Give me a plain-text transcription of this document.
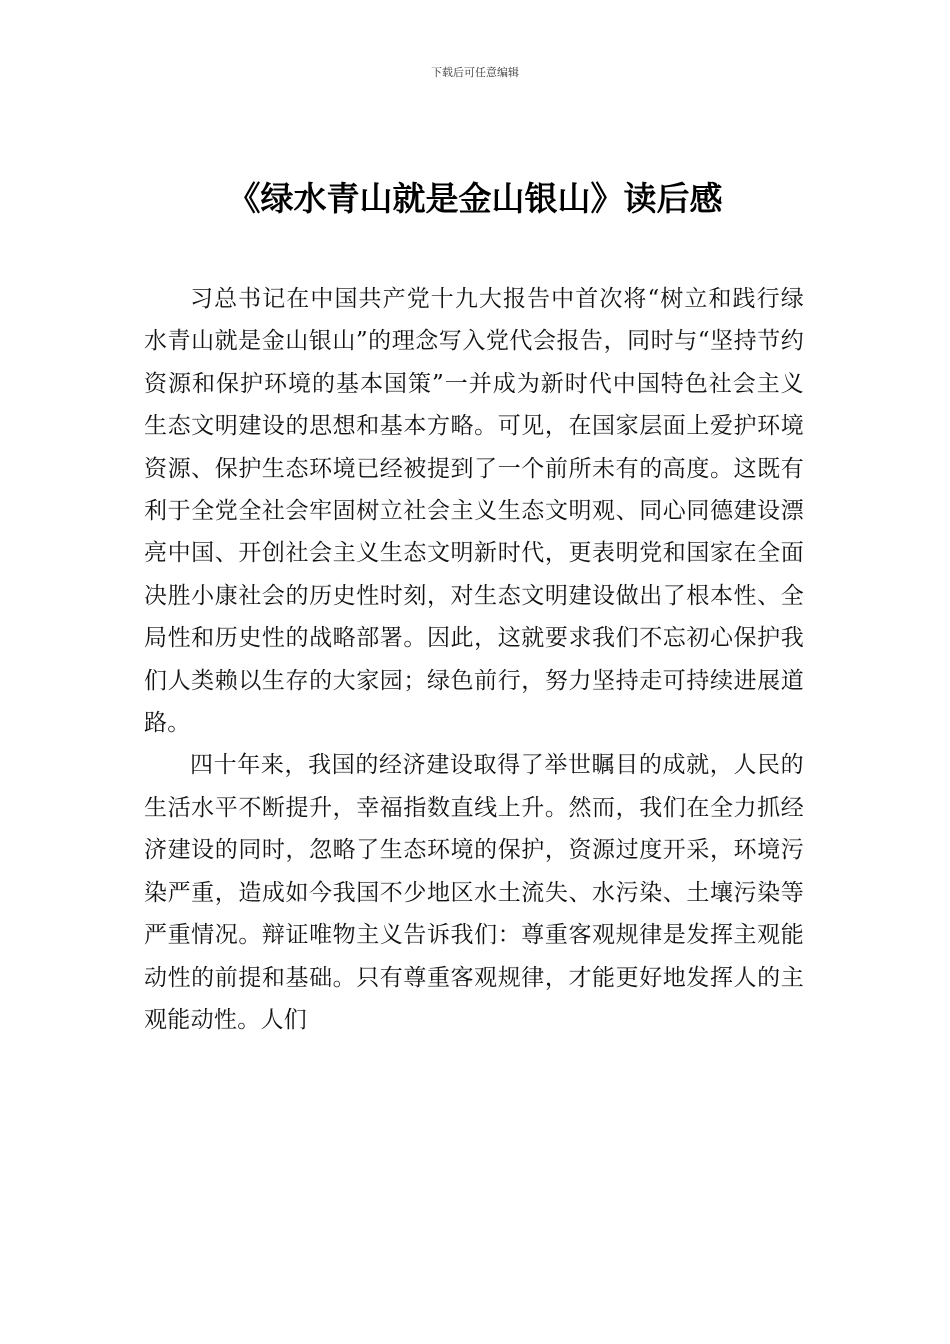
下载后可任意编辑
《绿水青山就是金山银山》读后感

习总书记在中国共产党十九大报告中首次将“树立和践行绿水青山就是金山银山”的理念写入党代会报告，同时与“坚持节约资源和保护环境的基本国策”一并成为新时代中国特色社会主义生态文明建设的思想和基本方略。可见，在国家层面上爱护环境资源、保护生态环境已经被提到了一个前所未有的高度。这既有利于全党全社会牢固树立社会主义生态文明观、同心同德建设漂亮中国、开创社会主义生态文明新时代，更表明党和国家在全面决胜小康社会的历史性时刻，对生态文明建设做出了根本性、全局性和历史性的战略部署。因此，这就要求我们不忘初心保护我们人类赖以生存的大家园；绿色前行，努力坚持走可持续进展道路。

四十年来，我国的经济建设取得了举世瞩目的成就，人民的生活水平不断提升，幸福指数直线上升。然而，我们在全力抓经济建设的同时，忽略了生态环境的保护，资源过度开采，环境污染严重，造成如今我国不少地区水土流失、水污染、土壤污染等严重情况。辩证唯物主义告诉我们：尊重客观规律是发挥主观能动性的前提和基础。只有尊重客观规律，才能更好地发挥人的主观能动性。人们
